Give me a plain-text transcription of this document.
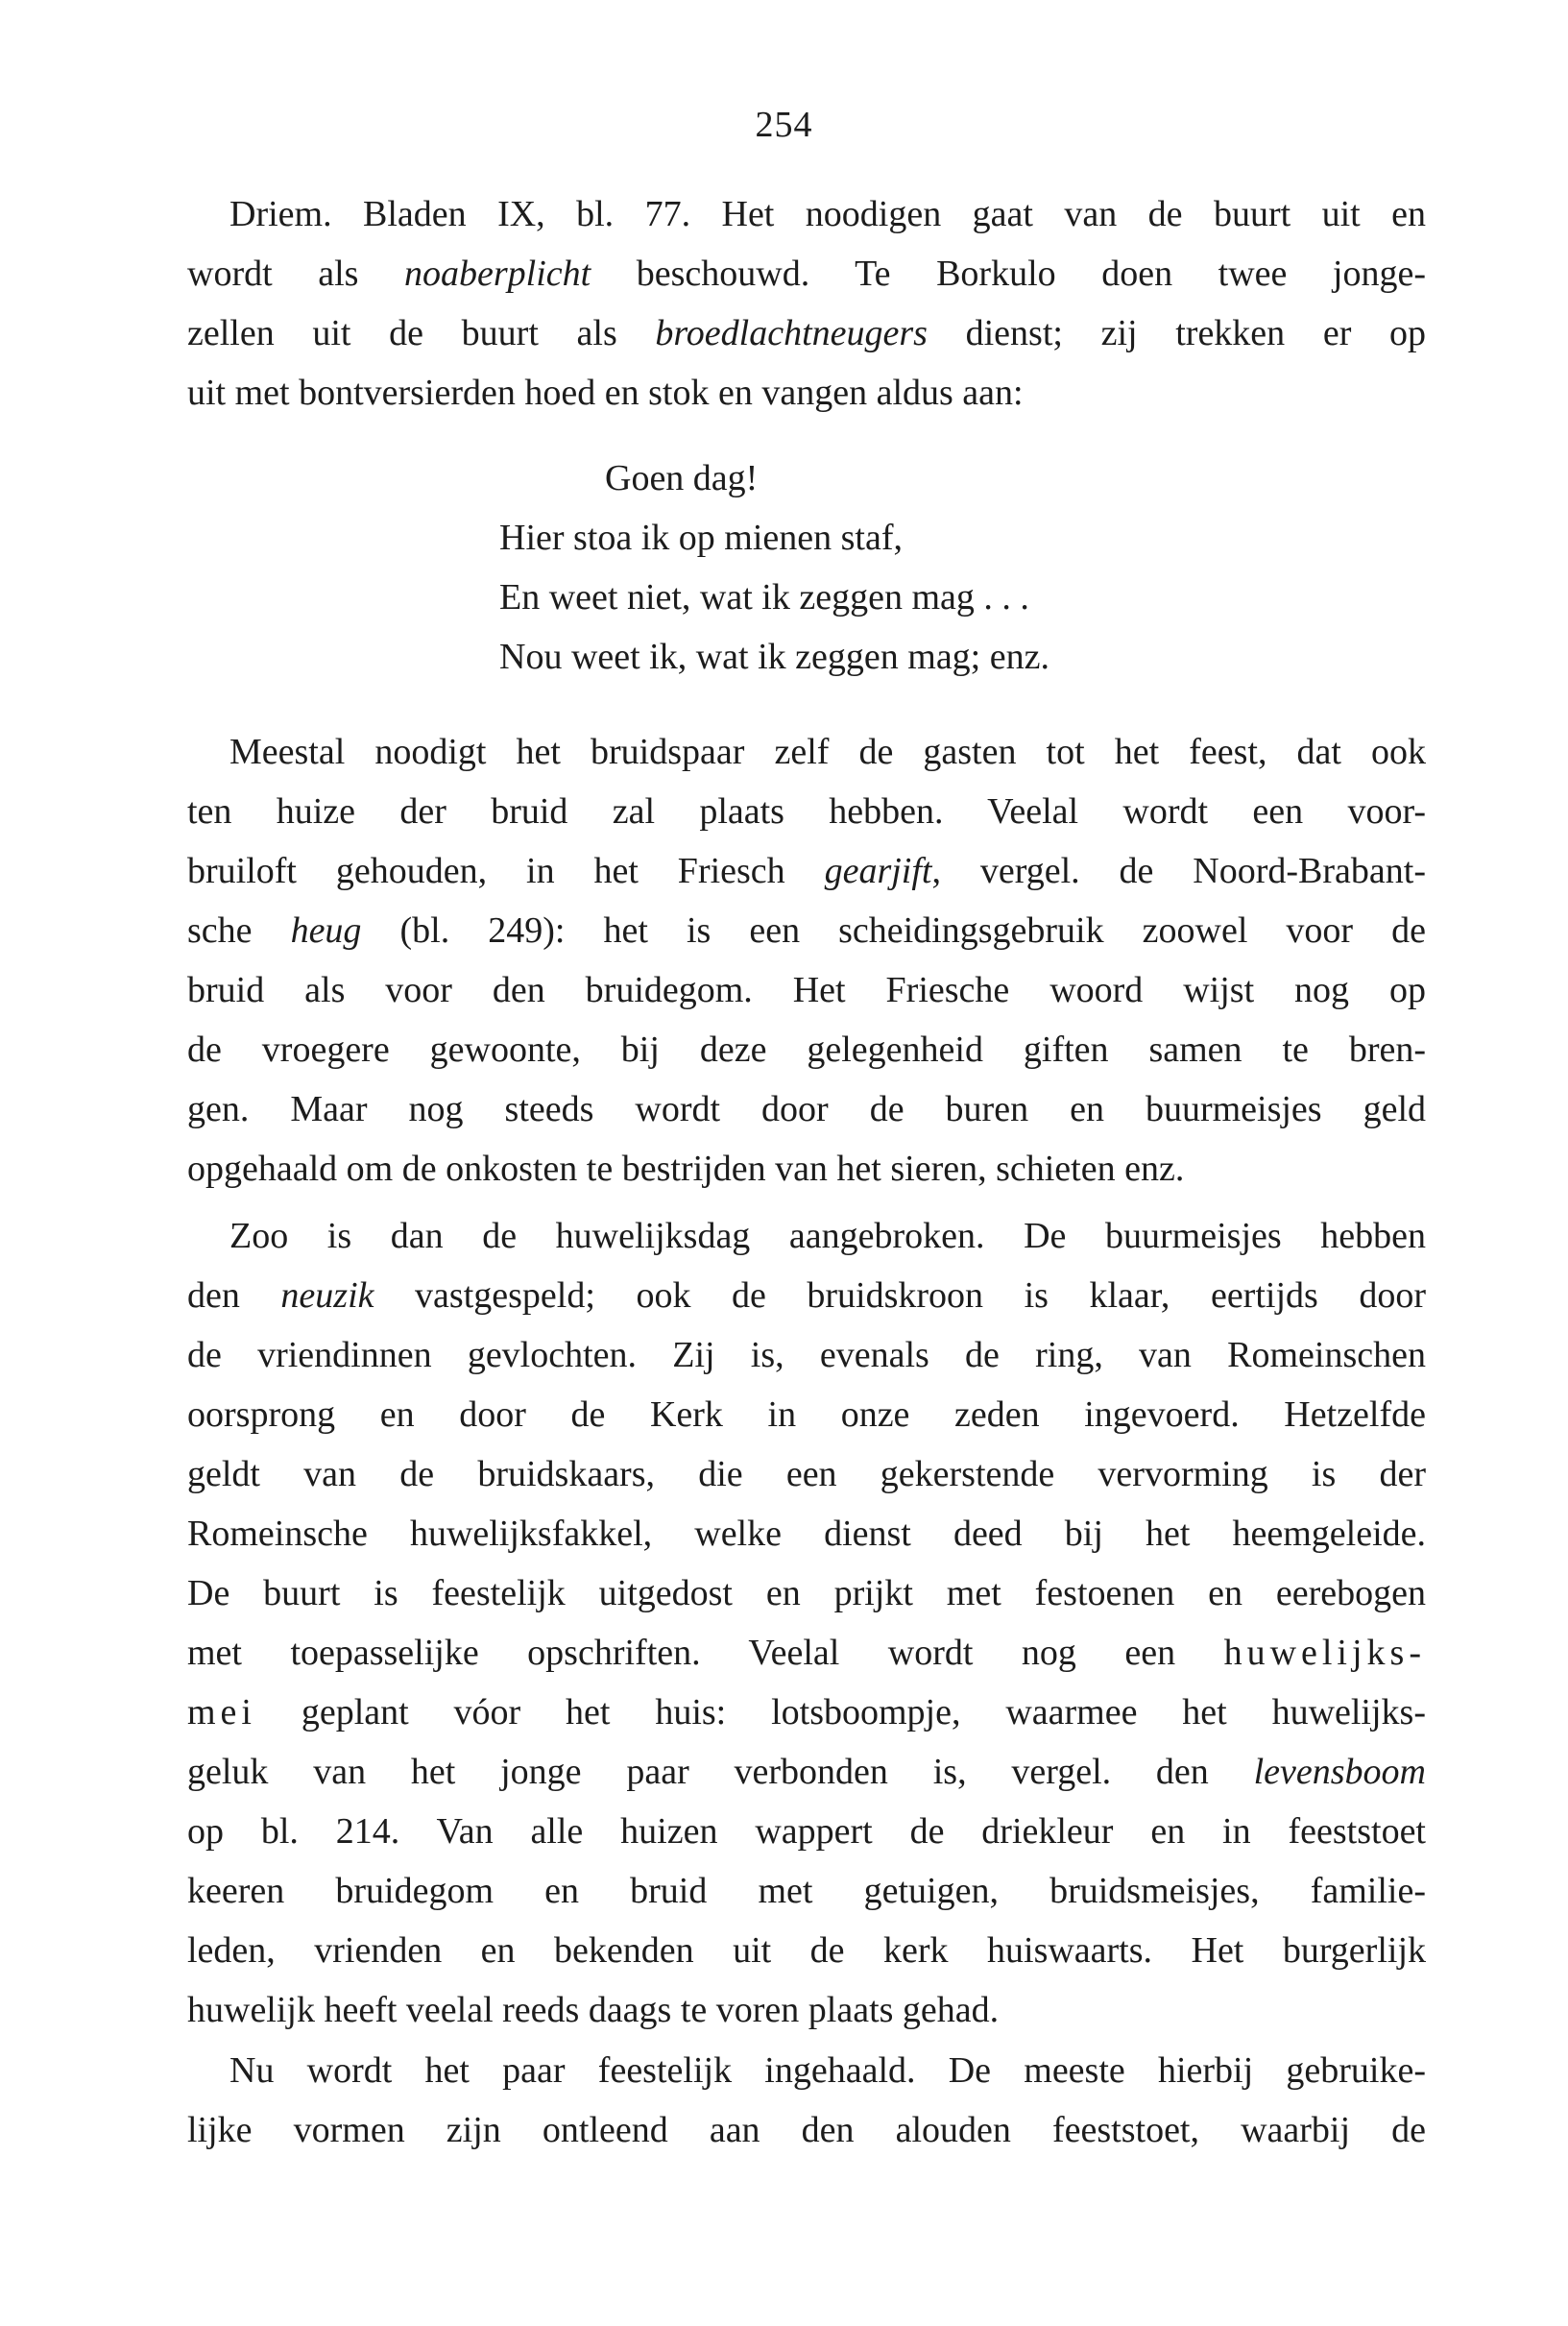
254
Driem. Bladen IX, bl. 77. Het noodigen gaat van de buurt uit en
wordt als noaberplicht beschouwd. Te Borkulo doen twee jonge-
zellen uit de buurt als broedlachtneugers dienst; zij trekken er op
uit met bontversierden hoed en stok en vangen aldus aan:
Goen dag!
Hier stoa ik op mienen staf,
En weet niet, wat ik zeggen mag . . .
Nou weet ik, wat ik zeggen mag; enz.
Meestal noodigt het bruidspaar zelf de gasten tot het feest, dat ook
ten huize der bruid zal plaats hebben. Veelal wordt een voor-
bruiloft gehouden, in het Friesch gearjift, vergel. de Noord-Brabant-
sche heug (bl. 249): het is een scheidingsgebruik zoowel voor de
bruid als voor den bruidegom. Het Friesche woord wijst nog op
de vroegere gewoonte, bij deze gelegenheid giften samen te bren-
gen. Maar nog steeds wordt door de buren en buurmeisjes geld
opgehaald om de onkosten te bestrijden van het sieren, schieten enz.
Zoo is dan de huwelijksdag aangebroken. De buurmeisjes hebben
den neuzik vastgespeld; ook de bruidskroon is klaar, eertijds door
de vriendinnen gevlochten. Zij is, evenals de ring, van Romeinschen
oorsprong en door de Kerk in onze zeden ingevoerd. Hetzelfde
geldt van de bruidskaars, die een gekerstende vervorming is der
Romeinsche huwelijksfakkel, welke dienst deed bij het heemgeleide.
De buurt is feestelijk uitgedost en prijkt met festoenen en eerebogen
met toepasselijke opschriften. Veelal wordt nog een huwelijks-
mei geplant vóor het huis: lotsboompje, waarmee het huwelijks-
geluk van het jonge paar verbonden is, vergel. den levensboom
op bl. 214. Van alle huizen wappert de driekleur en in feeststoet
keeren bruidegom en bruid met getuigen, bruidsmeisjes, familie-
leden, vrienden en bekenden uit de kerk huiswaarts. Het burgerlijk
huwelijk heeft veelal reeds daags te voren plaats gehad.
Nu wordt het paar feestelijk ingehaald. De meeste hierbij gebruike-
lijke vormen zijn ontleend aan den alouden feeststoet, waarbij de
